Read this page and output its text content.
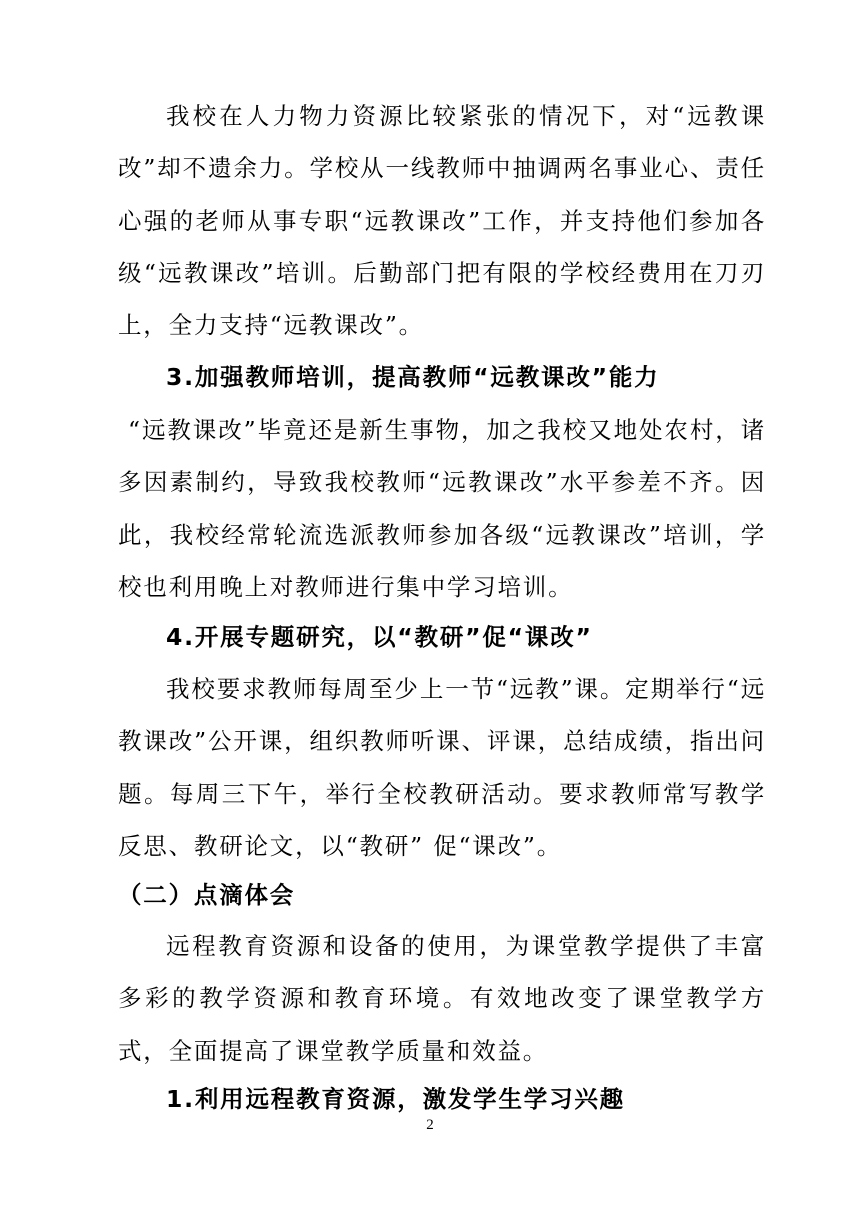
我校在人力物力资源比较紧张的情况下，对“远教课改”却不遗余力。学校从一线教师中抽调两名事业心、责任心强的老师从事专职“远教课改”工作，并支持他们参加各级“远教课改”培训。后勤部门把有限的学校经费用在刀刃上，全力支持“远教课改”。

3.加强教师培训，提高教师“远教课改”能力

“远教课改”毕竟还是新生事物，加之我校又地处农村，诸多因素制约，导致我校教师“远教课改”水平参差不齐。因此，我校经常轮流选派教师参加各级“远教课改”培训，学校也利用晚上对教师进行集中学习培训。

4.开展专题研究，以“教研”促“课改”

我校要求教师每周至少上一节“远教”课。定期举行“远教课改”公开课，组织教师听课、评课，总结成绩，指出问题。每周三下午，举行全校教研活动。要求教师常写教学反思、教研论文，以“教研” 促“课改”。

（二）点滴体会

远程教育资源和设备的使用，为课堂教学提供了丰富多彩的教学资源和教育环境。有效地改变了课堂教学方式，全面提高了课堂教学质量和效益。

1.利用远程教育资源，激发学生学习兴趣

2
